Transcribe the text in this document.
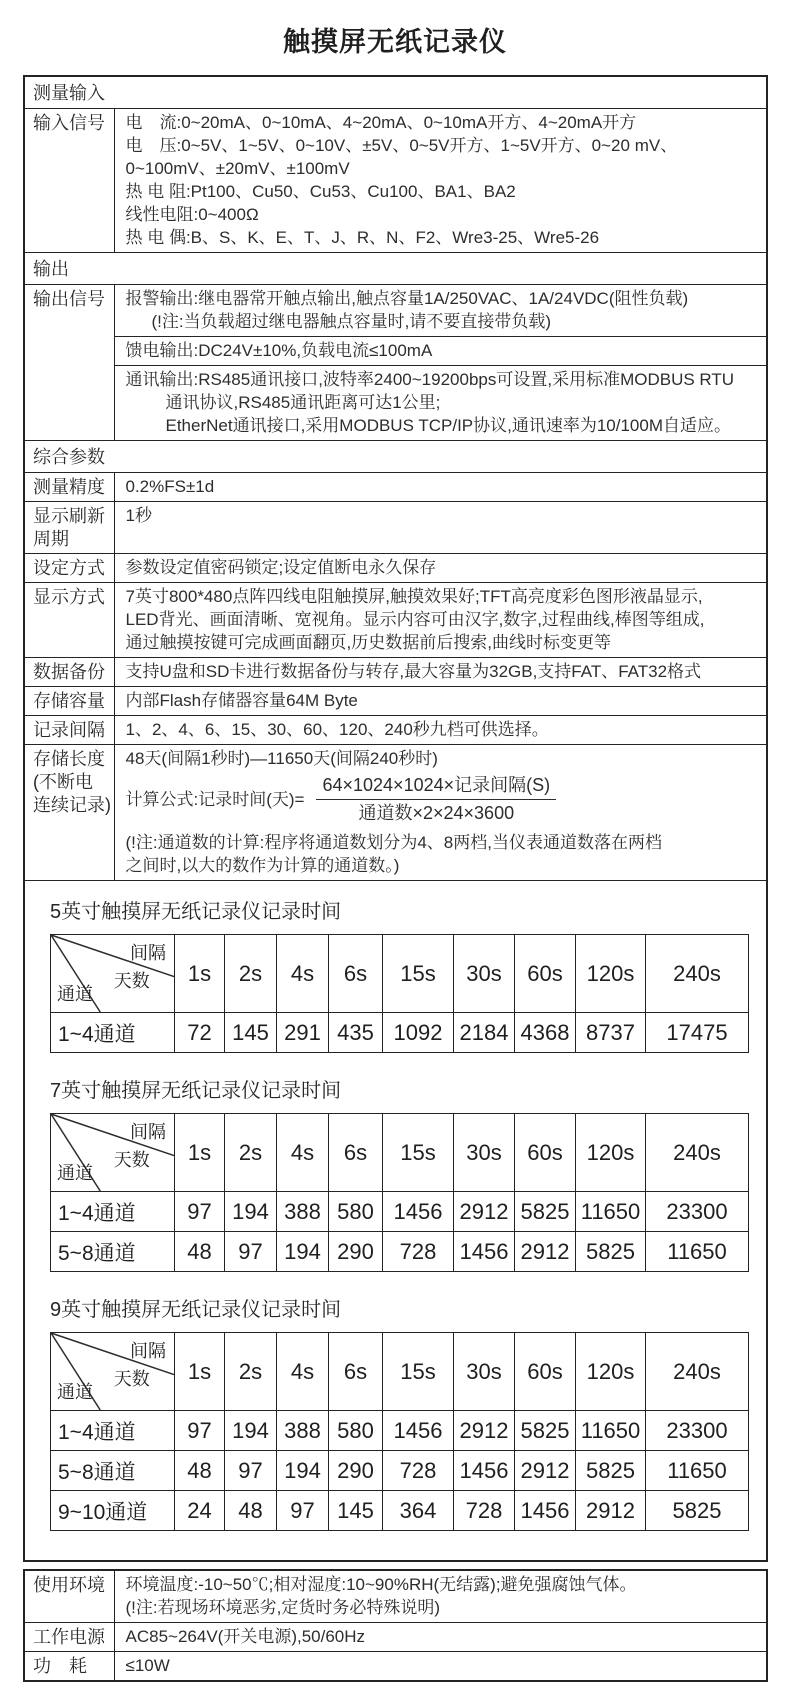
触摸屏无纸记录仪
测量输入
输入信号	电　流:0~20mA、0~10mA、4~20mA、0~10mA开方、4~20mA开方
电　压:0~5V、1~5V、0~10V、±5V、0~5V开方、1~5V开方、0~20 mV、
0~100mV、±20mV、±100mV
热 电 阻:Pt100、Cu50、Cu53、Cu100、BA1、BA2
线性电阻:0~400Ω
热 电 偶:B、S、K、E、T、J、R、N、F2、Wre3-25、Wre5-26

输出
输出信号	报警输出:继电器常开触点输出,触点容量1A/250VAC、1A/24VDC(阻性负载)
(!注:当负载超过继电器触点容量时,请不要直接带负载)

馈电输出:DC24V±10%,负载电流≤100mA

通讯输出:RS485通讯接口,波特率2400~19200bps可设置,采用标准MODBUS RTU
通讯协议,RS485通讯距离可达1公里;
EtherNet通讯接口,采用MODBUS TCP/IP协议,通讯速率为10/100M自适应。

综合参数
测量精度	0.2%FS±1d
显示刷新周期	1秒
设定方式	参数设定值密码锁定;设定值断电永久保存
显示方式	7英寸800*480点阵四线电阻触摸屏,触摸效果好;TFT高亮度彩色图形液晶显示,
LED背光、画面清晰、宽视角。显示内容可由汉字,数字,过程曲线,棒图等组成,
通过触摸按键可完成画面翻页,历史数据前后搜索,曲线时标变更等

数据备份	支持U盘和SD卡进行数据备份与转存,最大容量为32GB,支持FAT、FAT32格式
存储容量	内部Flash存储器容量64M Byte
记录间隔	1、2、4、6、15、30、60、120、240秒九档可供选择。

存储长度
(不断电
连续记录)

48天(间隔1秒时)—11650天(间隔240秒时)
计算公式:记录时间(天)= $\frac{\text{64×1024×1024×记录间隔(S)}}{\text{通道数×2×24×3600}}$
(!注:通道数的计算:程序将通道数划分为4、8两档,当仪表通道数落在两档
之间时,以大的数作为计算的通道数。)

5英寸触摸屏无纸记录仪记录时间
间隔
天数
通道
	1s	2s	4s	6s	15s	30s	60s	120s	240s
1~4通道	72	145	291	435	1092	2184	4368	8737	17475
7英寸触摸屏无纸记录仪记录时间
间隔
天数
通道
	1s	2s	4s	6s	15s	30s	60s	120s	240s
1~4通道	97	194	388	580	1456	2912	5825	11650	23300
5~8通道	48	97	194	290	728	1456	2912	5825	11650
9英寸触摸屏无纸记录仪记录时间
间隔
天数
通道
	1s	2s	4s	6s	15s	30s	60s	120s	240s
1~4通道	97	194	388	580	1456	2912	5825	11650	23300
5~8通道	48	97	194	290	728	1456	2912	5825	11650
9~10通道	24	48	97	145	364	728	1456	2912	5825
使用环境	环境温度:-10~50℃;相对湿度:10~90%RH(无结露);避免强腐蚀气体。
(!注:若现场环境恶劣,定货时务必特殊说明)

工作电源	AC85~264V(开关电源),50/60Hz
功　耗	≤10W
